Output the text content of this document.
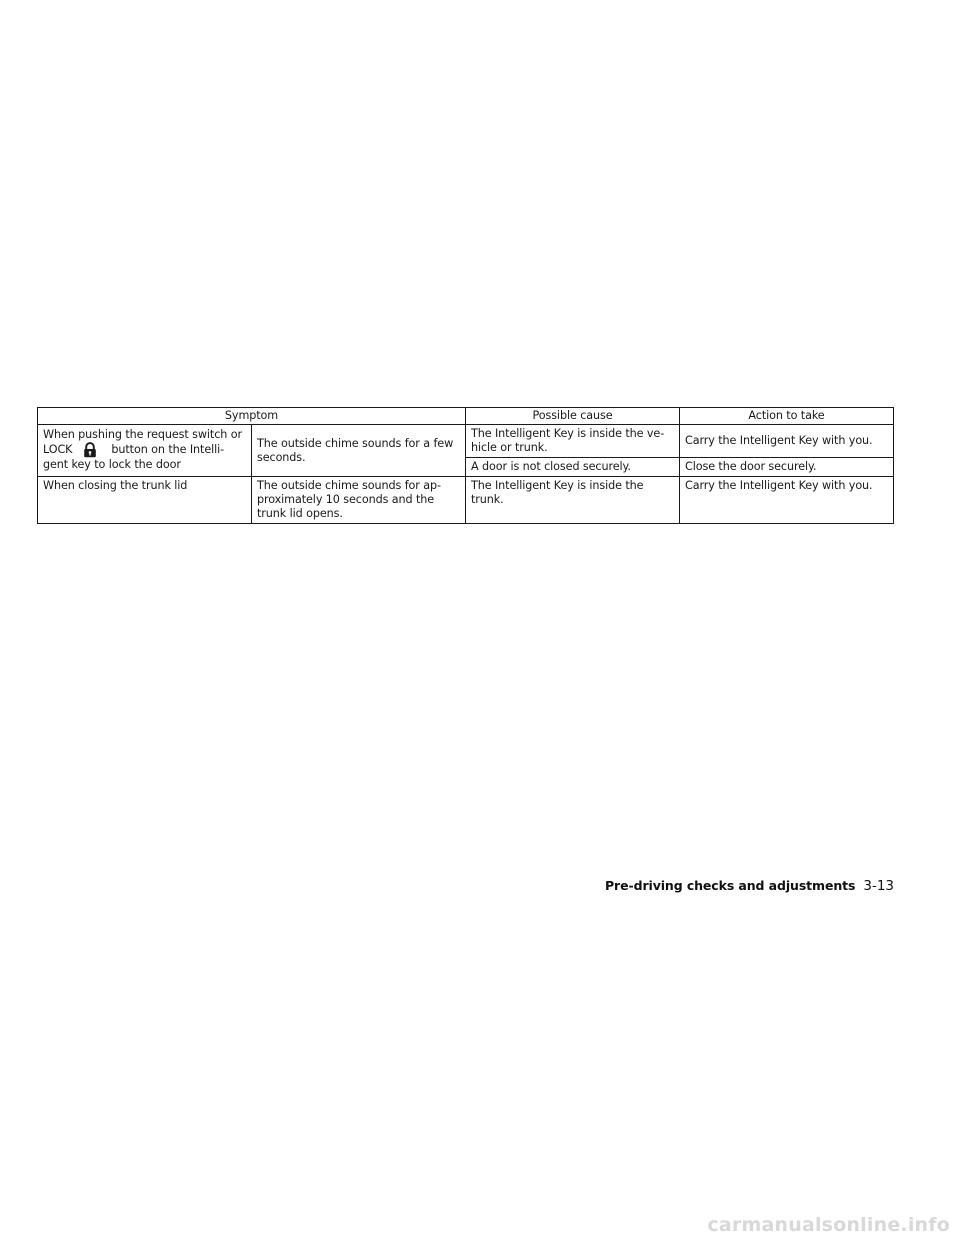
Symptom		Possible cause	Action to take
When pushing the request switch or LOCK button on the Intelli- gent key to lock the door	The outside chime sounds for a few seconds.	The Intelligent Key is inside the ve- hicle or trunk.	Carry the Intelligent Key with you.
		A door is not closed securely.	Close the door securely.
When closing the trunk lid	The outside chime sounds for ap- proximately 10 seconds and the trunk lid opens.	The Intelligent Key is inside the trunk.	Carry the Intelligent Key with you.
Pre-driving checks and adjustments 3-13
carmanualsonline.info
